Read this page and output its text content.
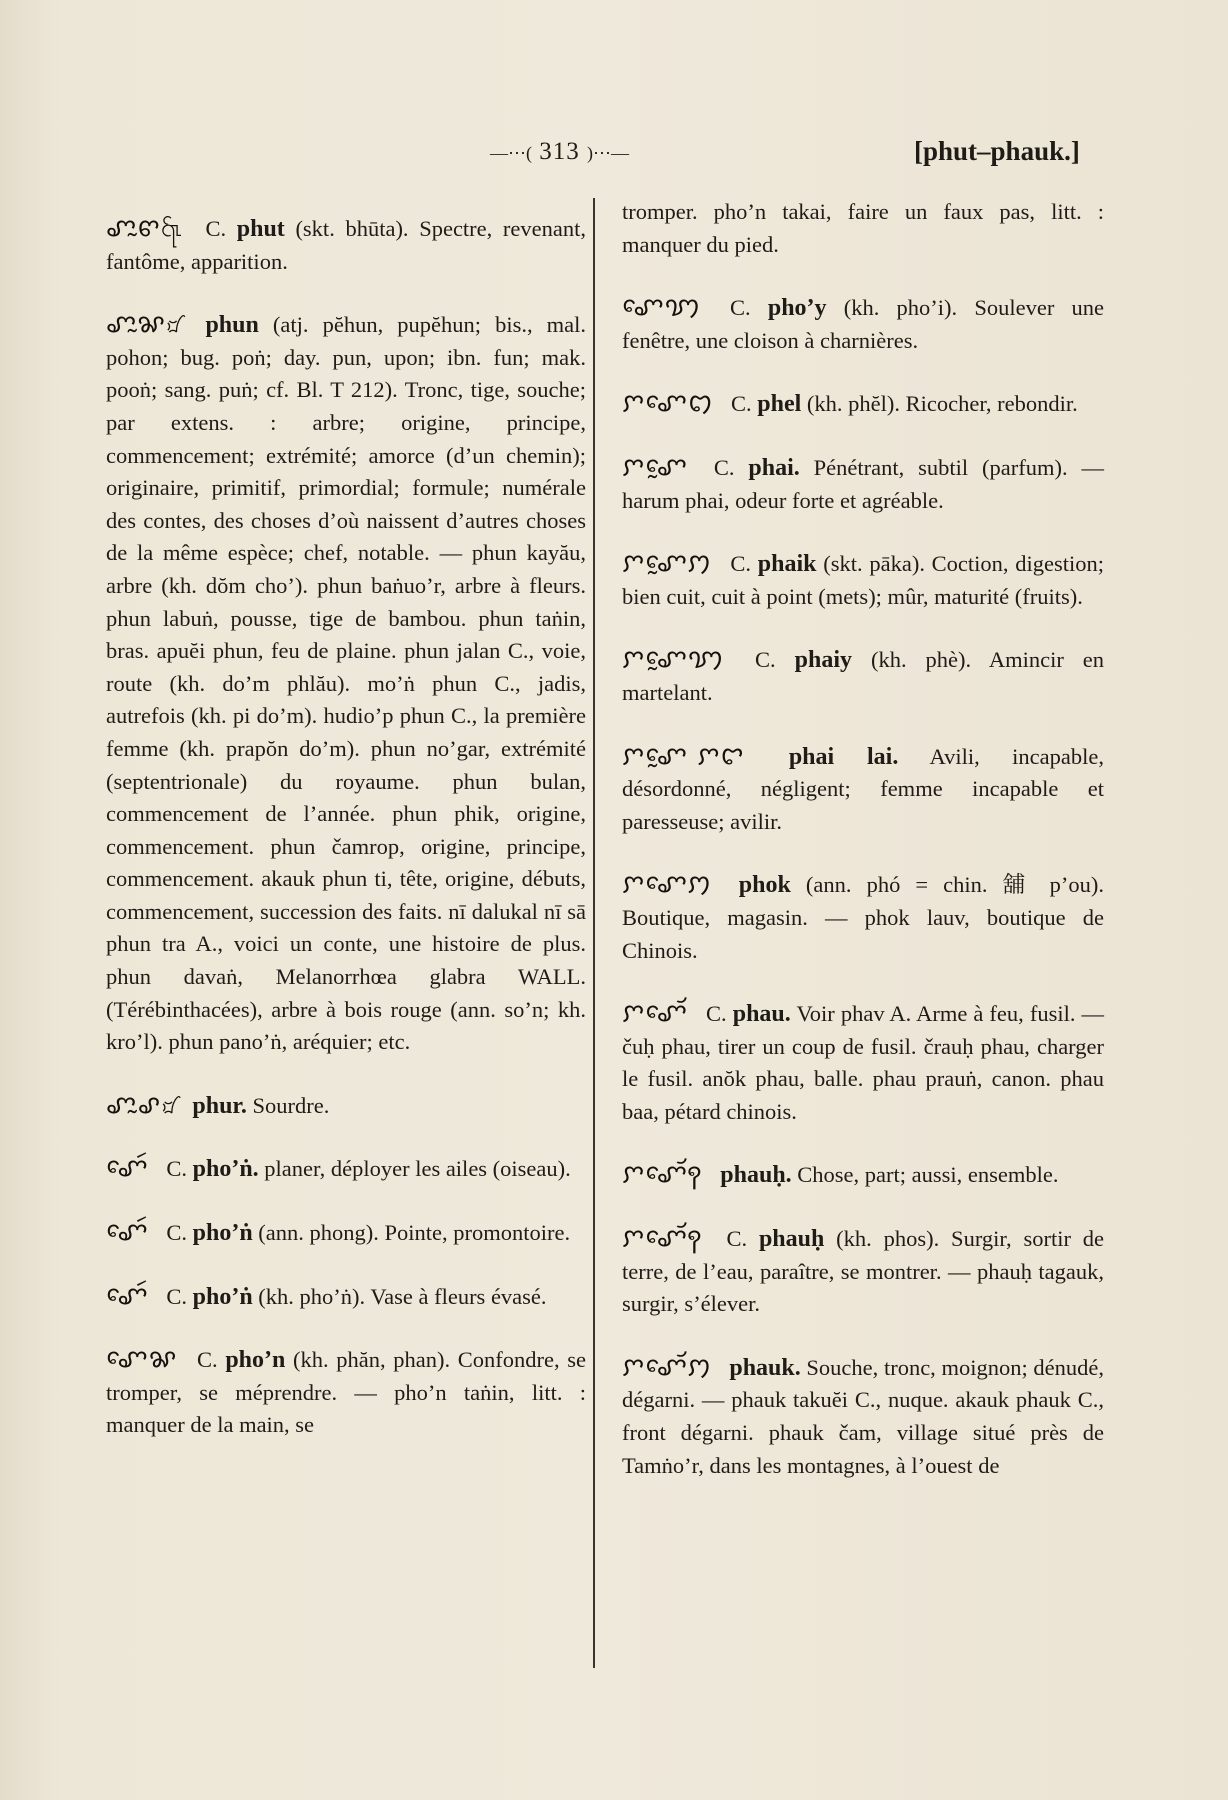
—⋯( 313 )⋯—	[phut–phauk.]

ꨚꨭꨓ꩷ C. phut (skt. bhūta). Spectre, revenant, fantôme, apparition.

ꨚꨭꨗ꩸ phun (atj. pĕhun, pupĕhun; bis., mal. pohon; bug. poṅ; day. pun, upon; ibn. fun; mak. pooṅ; sang. puṅ; cf. Bl. T 212). Tronc, tige, souche; par extens. : arbre; origine, principe, commencement; extrémité; amorce (d’un chemin); originaire, primitif, primordial; formule; numérale des contes, des choses d’où naissent d’autres choses de la même espèce; chef, notable. — phun kayău, arbre (kh. dŏm cho’). phun baṅuo’r, arbre à fleurs. phun labuṅ, pousse, tige de bambou. phun taṅin, bras. apuĕi phun, feu de plaine. phun jalan C., voie, route (kh. do’m phlău). mo’ṅ phun C., jadis, autrefois (kh. pi do’m). hudio’p phun C., la première femme (kh. prapŏn do’m). phun no’gar, extrémité (septentrionale) du royaume. phun bulan, commencement de l’année. phun phik, origine, commencement. phun čamrop, origine, principe, commencement. akauk phun ti, tête, origine, débuts, commencement, succession des faits. nī dalukal nī sā phun tra A., voici un conte, une histoire de plus. phun davaṅ, Melanorrhœa glabra WALL. (Térébinthacées), arbre à bois rouge (ann. so’n; kh. kro’l). phun pano’ṅ, aréquier; etc.

ꨚꨭꨣ꩸ phur. Sourdre.

ꨚꨯꩃ C. pho’ṅ. planer, déployer les ailes (oiseau).

ꨚꨯꩃ C. pho’ṅ (ann. phong). Pointe, promontoire.

ꨚꨯꩃ C. pho’ṅ (kh. pho’ṅ). Vase à fleurs évasé.

ꨚꨯꨗ C. pho’n (kh. phăn, phan). Confondre, se tromper, se méprendre. — pho’n taṅin, litt. : manquer de la main, se

tromper. pho’n takai, faire un faux pas, litt. : manquer du pied.

ꨚꨯꩈ C. pho’y (kh. pho’i). Soulever une fenêtre, une cloison à charnières.

ꨆꨚꨯꩊ C. phel (kh. phĕl). Ricocher, rebondir.

ꨆꨚꨰ C. phai. Pénétrant, subtil (parfum). — harum phai, odeur forte et agréable.

ꨆꨚꨰꩀ C. phaik (skt. pāka). Coction, digestion; bien cuit, cuit à point (mets); mûr, maturité (fruits).

ꨆꨚꨰꩈ C. phaiy (kh. phè). Amincir en martelant.

ꨆꨚꨰ ꨆꨤ phai lai. Avili, incapable, désordonné, négligent; femme incapable et paresseuse; avilir.

ꨆꨚꨯꩀ phok (ann. phó = chin. 舖 p’ou). Boutique, magasin. — phok lauv, boutique de Chinois.

ꨆꨚꨯꨮ C. phau. Voir phav A. Arme à feu, fusil. — čuḥ phau, tirer un coup de fusil. črauḥ phau, charger le fusil. anŏk phau, balle. phau prauṅ, canon. phau baa, pétard chinois.

ꨆꨚꨯꨮꩍ phauḥ. Chose, part; aussi, ensemble.

ꨆꨚꨯꨮꩍ C. phauḥ (kh. phos). Surgir, sortir de terre, de l’eau, paraître, se montrer. — phauḥ tagauk, surgir, s’élever.

ꨆꨚꨯꨮꩀ phauk. Souche, tronc, moignon; dénudé, dégarni. — phauk takuĕi C., nuque. akauk phauk C., front dégarni. phauk čam, village situé près de Tamṅo’r, dans les montagnes, à l’ouest de
